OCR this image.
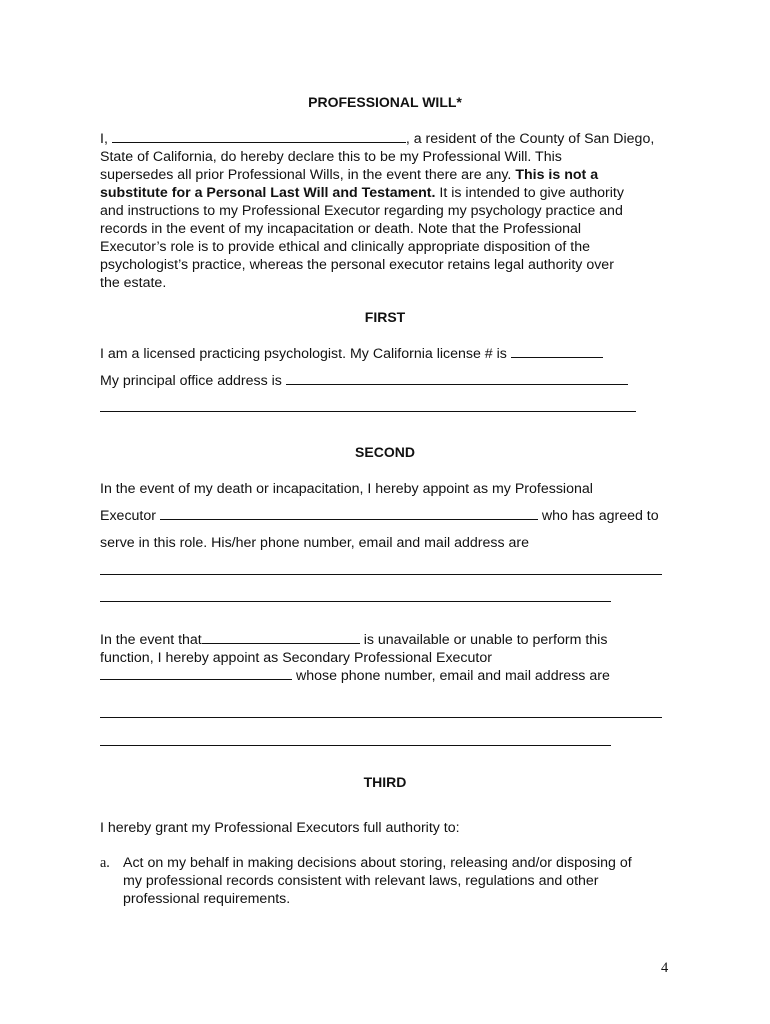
PROFESSIONAL WILL*
I,	, a resident of the County of San Diego,
State of California, do hereby declare this to be my Professional Will. This
supersedes all prior Professional Wills, in the event there are any. This is not a
substitute for a Personal Last Will and Testament. It is intended to give authority
and instructions to my Professional Executor regarding my psychology practice and
records in the event of my incapacitation or death. Note that the Professional
Executor’s role is to provide ethical and clinically appropriate disposition of the
psychologist’s practice, whereas the personal executor retains legal authority over
the estate.
FIRST
I am a licensed practicing psychologist. My California license # is
My principal office address is
SECOND
In the event of my death or incapacitation, I hereby appoint as my Professional
Executor	who has agreed to
serve in this role. His/her phone number, email and mail address are
In the event that	is unavailable or unable to perform this
function, I hereby appoint as Secondary Professional Executor
whose phone number, email and mail address are
THIRD
I hereby grant my Professional Executors full authority to:
a. Act on my behalf in making decisions about storing, releasing and/or disposing of
my professional records consistent with relevant laws, regulations and other
professional requirements.
4
